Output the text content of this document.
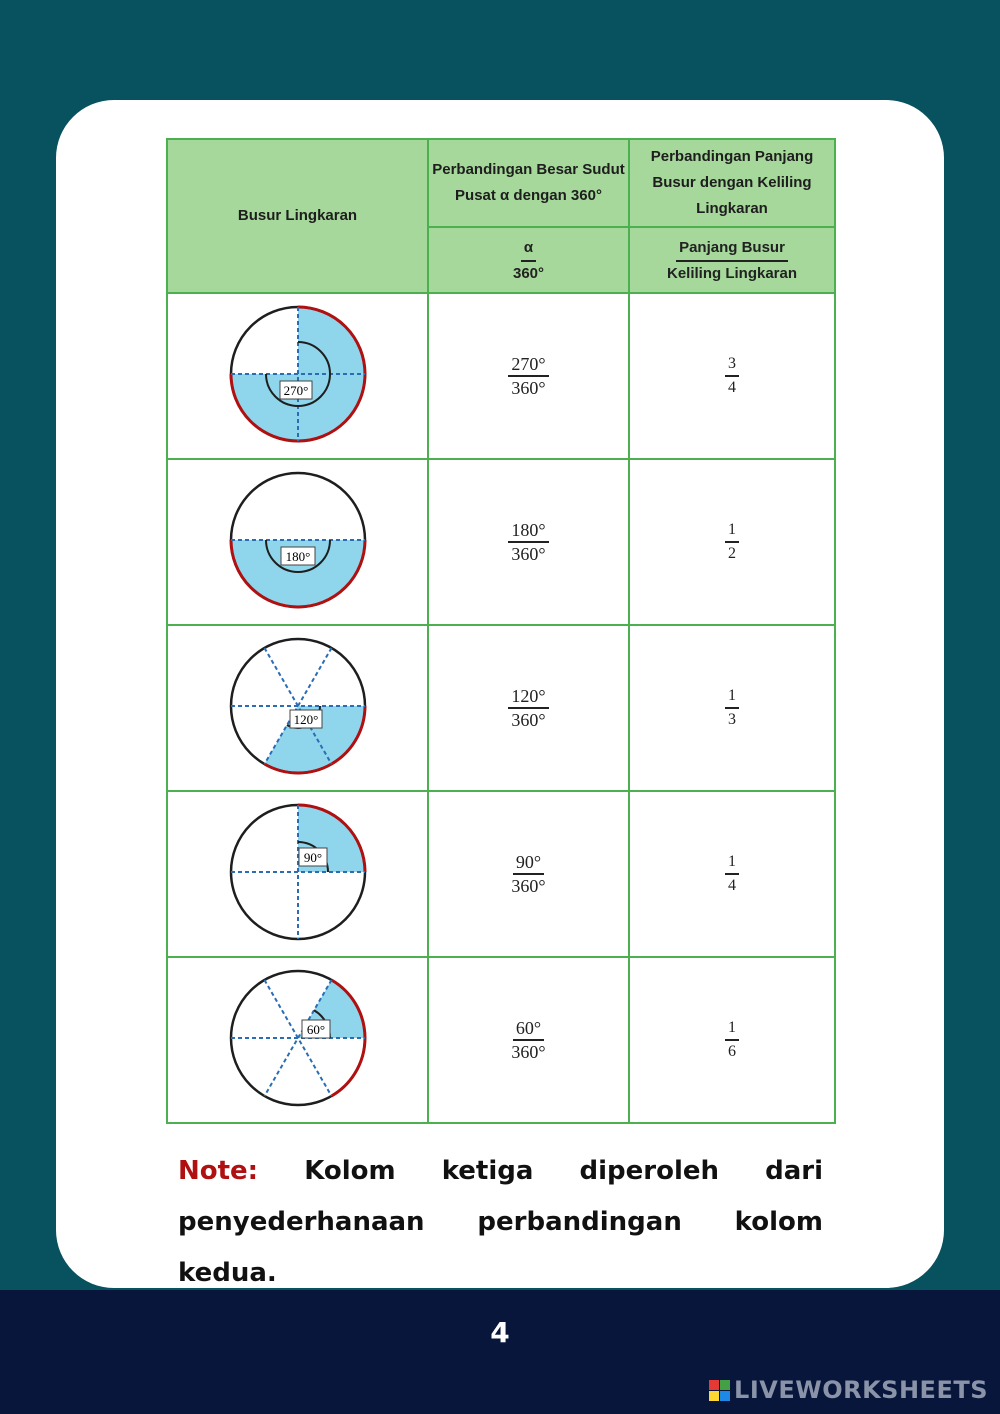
Busur Lingkaran	Perbandingan Besar Sudut Pusat α dengan 360°	Perbandingan Panjang Busur dengan Keliling Lingkaran

	$\frac{\alpha}{360^\circ}$	$\frac{\text{Panjang Busur}}{\text{Keliling Lingkaran}}$

270°	$\frac{270^\circ}{360^\circ}$	$\frac{3}{4}$

180°	$\frac{180^\circ}{360^\circ}$	$\frac{1}{2}$

120°	$\frac{120^\circ}{360^\circ}$	$\frac{1}{3}$

90°	$\frac{90^\circ}{360^\circ}$	$\frac{1}{4}$

60°	$\frac{60^\circ}{360^\circ}$	$\frac{1}{6}$
Note: Kolom ketiga diperoleh dari penyederhanaan perbandingan kolom kedua.
4
LIVEWORKSHEETS
